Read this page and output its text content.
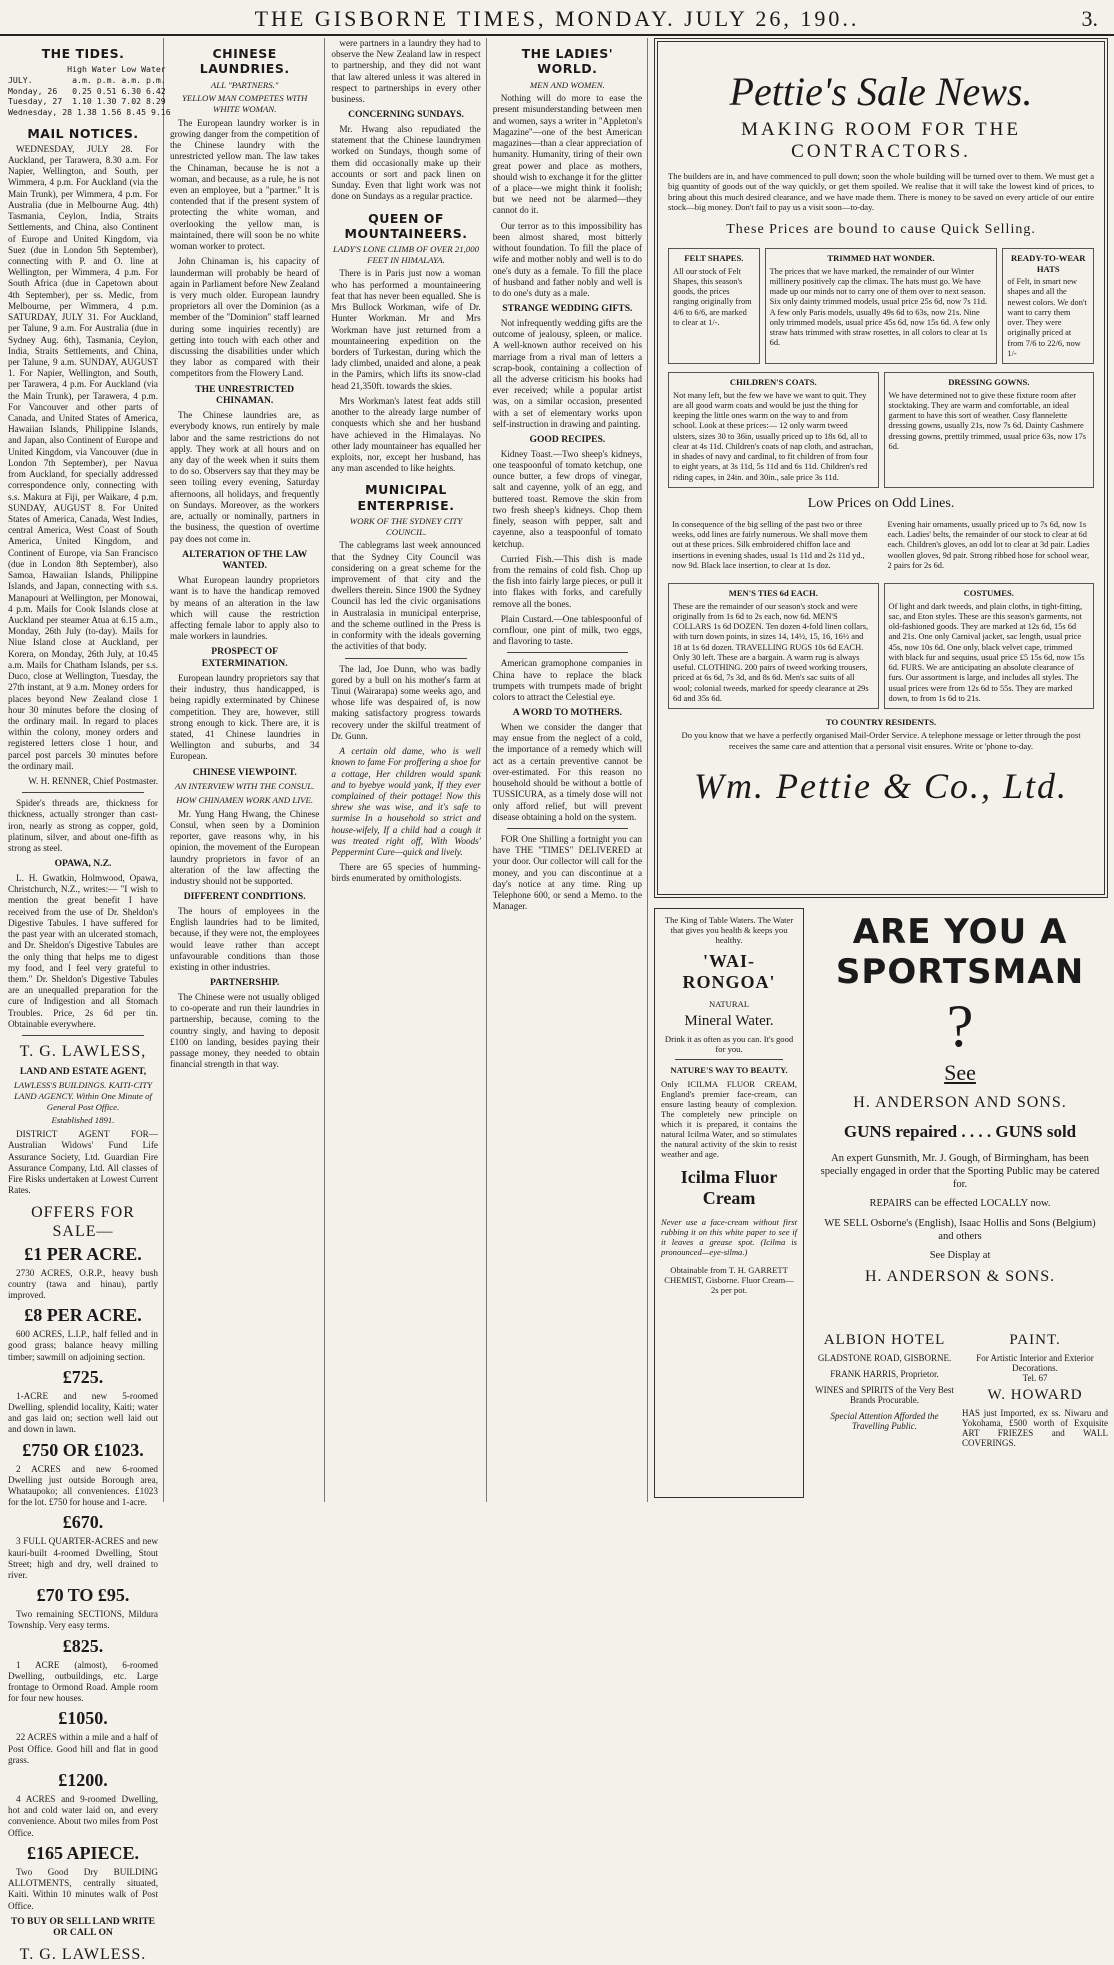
THE GISBORNE TIMES, MONDAY. JULY 26, 190..	3.
THE TIDES.
High Water Low Water
JULY.        a.m. p.m. a.m. p.m.
Monday, 26   0.25 0.51 6.30 6.42
Tuesday, 27  1.10 1.30 7.02 8.29
Wednesday, 28 1.38 1.56 8.45 9.16
MAIL NOTICES.

WEDNESDAY, JULY 28. For Auckland, per Tarawera, 8.30 a.m. For Napier, Wellington, and South, per Wimmera, 4 p.m. For Auckland (via the Main Trunk), per Wimmera, 4 p.m. For Australia (due in Melbourne Aug. 4th) Tasmania, Ceylon, India, Straits Settlements, and China, also Continent of Europe and United Kingdom, via Suez (due in London 5th September), connecting with P. and O. line at Wellington, per Wimmera, 4 p.m. For South Africa (due in Capetown about 4th September), per ss. Medic, from Melbourne, per Wimmera, 4 p.m. SATURDAY, JULY 31. For Auckland, per Talune, 9 a.m. For Australia (due in Sydney Aug. 6th), Tasmania, Ceylon, India, Straits Settlements, and China, per Talune, 9 a.m. SUNDAY, AUGUST 1. For Napier, Wellington, and South, per Tarawera, 4 p.m. For Auckland (via the Main Trunk), per Tarawera, 4 p.m. For Vancouver and other parts of Canada, and United States of America, Hawaiian Islands, Philippine Islands, and Japan, also Continent of Europe and United Kingdom, via Vancouver (due in London 7th September), per Navua from Auckland, for specially addressed correspondence only, connecting with s.s. Makura at Fiji, per Waikare, 4 p.m. SUNDAY, AUGUST 8. For United States of America, Canada, West Indies, central America, West Coast of South America, United Kingdom, and Continent of Europe, via San Francisco (due in London 8th September), also Samoa, Hawaiian Islands, Philippine Islands, and Japan, connecting with s.s. Manapouri at Wellington, per Monowai, 4 p.m. Mails for Cook Islands close at Auckland per steamer Atua at 6.15 a.m., Monday, 26th July (to-day). Mails for Niue Island close at Auckland, per Korera, on Monday, 26th July, at 10.45 a.m. Mails for Chatham Islands, per s.s. Duco, close at Wellington, Tuesday, the 27th instant, at 9 a.m. Money orders for places beyond New Zealand close 1 hour 30 minutes before the closing of the ordinary mail. In regard to places within the colony, money orders and registered letters close 1 hour, and parcel post parcels 30 minutes before the ordinary mail.

W. H. RENNER, Chief Postmaster.

Spider's threads are, thickness for thickness, actually stronger than cast-iron, nearly as strong as copper, gold, platinum, silver, and about one-fifth as strong as steel.

OPAWA, N.Z.

L. H. Gwatkin, Holmwood, Opawa, Christchurch, N.Z., writes:— "I wish to mention the great benefit I have received from the use of Dr. Sheldon's Digestive Tabules. I have suffered for the past year with an ulcerated stomach, and Dr. Sheldon's Digestive Tabules are the only thing that helps me to digest my food, and I feel very grateful to them." Dr. Sheldon's Digestive Tabules are an unequalled preparation for the cure of Indigestion and all Stomach Troubles. Price, 2s 6d per tin. Obtainable everywhere.

T. G. LAWLESS,
LAND AND ESTATE AGENT,
LAWLESS'S BUILDINGS. KAITI-CITY LAND AGENCY. Within One Minute of General Post Office.
Established 1891.

DISTRICT AGENT FOR— Australian Widows' Fund Life Assurance Society, Ltd. Guardian Fire Assurance Company, Ltd. All classes of Fire Risks undertaken at Lowest Current Rates.

OFFERS FOR SALE—
£1 PER ACRE.

2730 ACRES, O.R.P., heavy bush country (tawa and hinau), partly improved.

£8 PER ACRE.

600 ACRES, L.I.P., half felled and in good grass; balance heavy milling timber; sawmill on adjoining section.

£725.

1-ACRE and new 5-roomed Dwelling, splendid locality, Kaiti; water and gas laid on; section well laid out and down in lawn.

£750 OR £1023.

2 ACRES and new 6-roomed Dwelling just outside Borough area, Whataupoko; all conveniences. £1023 for the lot. £750 for house and 1-acre.

£670.

3 FULL QUARTER-ACRES and new kauri-built 4-roomed Dwelling, Stout Street; high and dry, well drained to river.

£70 TO £95.

Two remaining SECTIONS, Mildura Township. Very easy terms.

£825.

1 ACRE (almost), 6-roomed Dwelling, outbuildings, etc. Large frontage to Ormond Road. Ample room for four new houses.

£1050.

22 ACRES within a mile and a half of Post Office. Good hill and flat in good grass.

£1200.

4 ACRES and 9-roomed Dwelling, hot and cold water laid on, and every convenience. About two miles from Post Office.

£165 APIECE.

Two Good Dry BUILDING ALLOTMENTS, centrally situated, Kaiti. Within 10 minutes walk of Post Office.

TO BUY OR SELL LAND WRITE OR CALL ON
T. G. LAWLESS.
CHINESE LAUNDRIES.
ALL "PARTNERS."
YELLOW MAN COMPETES WITH WHITE WOMAN.

The European laundry worker is in growing danger from the competition of the Chinese laundry with the unrestricted yellow man. The law takes the Chinaman, because he is not a woman, and because, as a rule, he is not even an employee, but a "partner." It is contended that if the present system of protecting the white woman, and overlooking the yellow man, is maintained, there will soon be no white woman worker to protect.

John Chinaman is, his capacity of launderman will probably be heard of again in Parliament before New Zealand is very much older. European laundry proprietors all over the Dominion (as a member of the "Dominion" staff learned during some inquiries recently) are getting into touch with each other and discussing the disabilities under which they labor as compared with their competitors from the Flowery Land.

THE UNRESTRICTED CHINAMAN.

The Chinese laundries are, as everybody knows, run entirely by male labor and the same restrictions do not apply. They work at all hours and on any day of the week when it suits them to do so. Observers say that they may be seen toiling every evening, Saturday afternoons, all holidays, and frequently on Sundays. Moreover, as the workers are, actually or nominally, partners in the business, the question of overtime pay does not come in.

ALTERATION OF THE LAW WANTED.

What European laundry proprietors want is to have the handicap removed by means of an alteration in the law which will cause the restriction affecting female labor to apply also to male workers in laundries.

PROSPECT OF EXTERMINATION.

European laundry proprietors say that their industry, thus handicapped, is being rapidly exterminated by Chinese competition. They are, however, still strong enough to kick. There are, it is stated, 41 Chinese laundries in Wellington and suburbs, and 34 European.

CHINESE VIEWPOINT.
AN INTERVIEW WITH THE CONSUL.
HOW CHINAMEN WORK AND LIVE.

Mr. Yung Hang Hwang, the Chinese Consul, when seen by a Dominion reporter, gave reasons why, in his opinion, the movement of the European laundry proprietors in favor of an alteration of the law affecting the industry should not be supported.

DIFFERENT CONDITIONS.

The hours of employees in the English laundries had to be limited, because, if they were not, the employees would leave rather than accept unfavourable conditions than those existing in other industries.

PARTNERSHIP.

The Chinese were not usually obliged to co-operate and run their laundries in partnership, because, coming to the country singly, and having to deposit £100 on landing, besides paying their passage money, they needed to obtain financial strength in that way.

were partners in a laundry they had to observe the New Zealand law in respect to partnership, and they did not want that law altered unless it was altered in respect to partnerships in every other business.

CONCERNING SUNDAYS.

Mr. Hwang also repudiated the statement that the Chinese laundrymen worked on Sundays, though some of them did occasionally make up their accounts or sort and pack linen on Sunday. Even that light work was not done on Sundays as a regular practice.

QUEEN OF MOUNTAINEERS.
LADY'S LONE CLIMB OF OVER 21,000 FEET IN HIMALAYA.

There is in Paris just now a woman who has performed a mountaineering feat that has never been equalled. She is Mrs Bullock Workman, wife of Dr. Hunter Workman. Mr and Mrs Workman have just returned from a mountaineering expedition on the borders of Turkestan, during which the lady climbed, unaided and alone, a peak in the Pamirs, which lifts its snow-clad head 21,350ft. towards the skies.

Mrs Workman's latest feat adds still another to the already large number of conquests which she and her husband have achieved in the Himalayas. No other lady mountaineer has equalled her exploits, nor, except her husband, has any man ascended to like heights.

MUNICIPAL ENTERPRISE.
WORK OF THE SYDNEY CITY COUNCIL.

The cablegrams last week announced that the Sydney City Council was considering on a great scheme for the improvement of that city and the dwellers therein. Since 1900 the Sydney Council has led the civic organisations in Australasia in municipal enterprise, and the scheme outlined in the Press is in conformity with the ideals governing the activities of that body.

The lad, Joe Dunn, who was badly gored by a bull on his mother's farm at Tinui (Wairarapa) some weeks ago, and whose life was despaired of, is now making satisfactory progress towards recovery under the skilful treatment of Dr. Gunn.

A certain old dame, who is well known to fame For proffering a shoe for a cottage, Her children would spank and to byebye would yank, If they ever complained of their pottage! Now this shrew she was wise, and it's safe to surmise In a household so strict and house-wifely, If a child had a cough it was treated right off, With Woods' Peppermint Cure—quick and lively.

There are 65 species of humming-birds enumerated by ornithologists.

THE LADIES' WORLD.
MEN AND WOMEN.

Nothing will do more to ease the present misunderstanding between men and women, says a writer in "Appleton's Magazine"—one of the best American magazines—than a clear appreciation of humanity. Humanity, tiring of their own great power and place as mothers, should wish to exchange it for the glitter of a place—we might think it foolish; but we need not be alarmed—they cannot do it.

Our terror as to this impossibility has been almost shared, most bitterly without foundation. To fill the place of wife and mother nobly and well is to do one's duty as a female. To fill the place of husband and father nobly and well is to do one's duty as a male.

STRANGE WEDDING GIFTS.

Not infrequently wedding gifts are the outcome of jealousy, spleen, or malice. A well-known author received on his marriage from a rival man of letters a scrap-book, containing a collection of all the adverse criticism his books had ever received; while a popular artist was, on a similar occasion, presented with a set of elementary works upon self-instruction in drawing and painting.

GOOD RECIPES.

Kidney Toast.—Two sheep's kidneys, one teaspoonful of tomato ketchup, one ounce butter, a few drops of vinegar, salt and cayenne, yolk of an egg, and buttered toast. Remove the skin from two fresh sheep's kidneys. Chop them finely, season with pepper, salt and cayenne, also a teaspoonful of tomato ketchup.

Curried Fish.—This dish is made from the remains of cold fish. Chop up the fish into fairly large pieces, or pull it into flakes with forks, and carefully remove all the bones.

Plain Custard.—One tablespoonful of cornflour, one pint of milk, two eggs, and flavoring to taste.

American gramophone companies in China have to replace the black trumpets with trumpets made of bright colors to attract the Celestial eye.

A WORD TO MOTHERS.

When we consider the danger that may ensue from the neglect of a cold, the importance of a remedy which will act as a certain preventive cannot be over-estimated. For this reason no household should be without a bottle of TUSSICURA, as a timely dose will not only afford relief, but will prevent disease obtaining a hold on the system.

FOR One Shilling a fortnight you can have THE "TIMES" DELIVERED at your door. Our collector will call for the money, and you can discontinue at a day's notice at any time. Ring up Telephone 600, or send a Memo. to the Manager.

Pettie's Sale News.
MAKING ROOM FOR THE CONTRACTORS.

The builders are in, and have commenced to pull down; soon the whole building will be turned over to them. We must get a big quantity of goods out of the way quickly, or get them spoiled. We realise that it will take the lowest kind of prices, to bring about this much desired clearance, and we have made them. There is money to be saved on every article of our entire stock—big money. Don't fail to pay us a visit soon—to-day.

These Prices are bound to cause Quick Selling.
FELT SHAPES.
All our stock of Felt Shapes, this season's goods, the prices ranging originally from 4/6 to 6/6, are marked to clear at 1/-.
TRIMMED HAT WONDER.
The prices that we have marked, the remainder of our Winter millinery positively cap the climax. The hats must go. We have made up our minds not to carry one of them over to next season. Six only dainty trimmed models, usual price 25s 6d, now 7s 11d. A few only Paris models, usually 49s 6d to 63s, now 21s. Nine only trimmed models, usual price 45s 6d, now 15s 6d. A few only straw hats trimmed with straw rosettes, in all colors to clear at 1s 6d.
READY-TO-WEAR HATS
of Felt, in smart new shapes and all the newest colors. We don't want to carry them over. They were originally priced at from 7/6 to 22/6, now 1/-
CHILDREN'S COATS.
Not many left, but the few we have we want to quit. They are all good warm coats and would be just the thing for keeping the little ones warm on the way to and from school. Look at these prices:— 12 only warm tweed ulsters, sizes 30 to 36in, usually priced up to 18s 6d, all to clear at 4s 11d. Children's coats of nap cloth, and astrachan, in shades of navy and cardinal, to fit children of from four to eight years, at 3s 11d, 5s 11d and 6s 11d. Children's red riding capes, in 24in. and 30in., sale price 3s 11d.
DRESSING GOWNS.
We have determined not to give these fixture room after stocktaking. They are warm and comfortable, an ideal garment to have this sort of weather. Cosy flannelette dressing gowns, usually 21s, now 7s 6d. Dainty Cashmere dressing gowns, prettily trimmed, usual price 63s, now 17s 6d.
Low Prices on Odd Lines.
In consequence of the big selling of the past two or three weeks, odd lines are fairly numerous. We shall move them out at these prices. Silk embroidered chiffon lace and insertions in evening shades, usual 1s 11d and 2s 11d yd., now 9d. Black lace insertion, to clear at 1s doz.
Evening hair ornaments, usually priced up to 7s 6d, now 1s each. Ladies' belts, the remainder of our stock to clear at 6d each. Children's gloves, an odd lot to clear at 3d pair. Ladies woollen gloves, 9d pair. Strong ribbed hose for school wear, 2 pairs for 2s 6d.
MEN'S TIES 6d EACH.
These are the remainder of our season's stock and were originally from 1s 6d to 2s each, now 6d. MEN'S COLLARS 1s 6d DOZEN. Ten dozen 4-fold linen collars, with turn down points, in sizes 14, 14½, 15, 16, 16½ and 18 at 1s 6d dozen. TRAVELLING RUGS 10s 6d EACH. Only 30 left. These are a bargain. A warm rug is always useful. CLOTHING. 200 pairs of tweed working trousers, priced at 6s 6d, 7s 3d, and 8s 6d. Men's sac suits of all wool; colonial tweeds, marked for speedy clearance at 29s 6d and 35s 6d.
COSTUMES.
Of light and dark tweeds, and plain cloths, in tight-fitting, sac, and Eton styles. These are this season's garments, not old-fashioned goods. They are marked at 12s 6d, 15s 6d and 21s. One only Carnival jacket, sac length, usual price 45s, now 10s 6d. One only, black velvet cape, trimmed with black fur and sequins, usual price £5 15s 6d, now 15s 6d. FURS. We are anticipating an absolute clearance of furs. Our assortment is large, and includes all styles. The usual prices were from 12s 6d to 55s. They are marked down, to from 1s 6d to 21s.
TO COUNTRY RESIDENTS.
Do you know that we have a perfectly organised Mail-Order Service. A telephone message or letter through the post receives the same care and attention that a personal visit ensures. Write or 'phone to-day.
Wm. Pettie & Co., Ltd.
The King of Table Waters. The Water that gives you health & keeps you healthy.
'WAI-RONGOA'
NATURAL
Mineral Water.
Drink it as often as you can. It's good for you.
NATURE'S WAY TO BEAUTY.
Only ICILMA FLUOR CREAM, England's premier face-cream, can ensure lasting beauty of complexion. The completely new principle on which it is prepared, it contains the natural Icilma Water, and so stimulates the natural activity of the skin to resist weather and age.
Icilma Fluor Cream
Never use a face-cream without first rubbing it on this white paper to see if it leaves a grease spot. (Icilma is pronounced—eye-silma.)
Obtainable from T. H. GARRETT CHEMIST, Gisborne. Fluor Cream—2s per pot.
ARE YOU A SPORTSMAN
?
See
H. ANDERSON AND SONS.
GUNS repaired . . . . GUNS sold
An expert Gunsmith, Mr. J. Gough, of Birmingham, has been specially engaged in order that the Sporting Public may be catered for.
REPAIRS can be effected LOCALLY now.
WE SELL Osborne's (English), Isaac Hollis and Sons (Belgium) and others
See Display at
H. ANDERSON & SONS.
ALBION HOTEL
GLADSTONE ROAD, GISBORNE.
FRANK HARRIS, Proprietor.
WINES and SPIRITS of the Very Best Brands Procurable.
Special Attention Afforded the Travelling Public.
PAINT.
For Artistic Interior and Exterior Decorations.
Tel. 67
W. HOWARD
HAS just Imported, ex ss. Niwaru and Yokohama, £500 worth of Exquisite ART FRIEZES and WALL COVERINGS.
